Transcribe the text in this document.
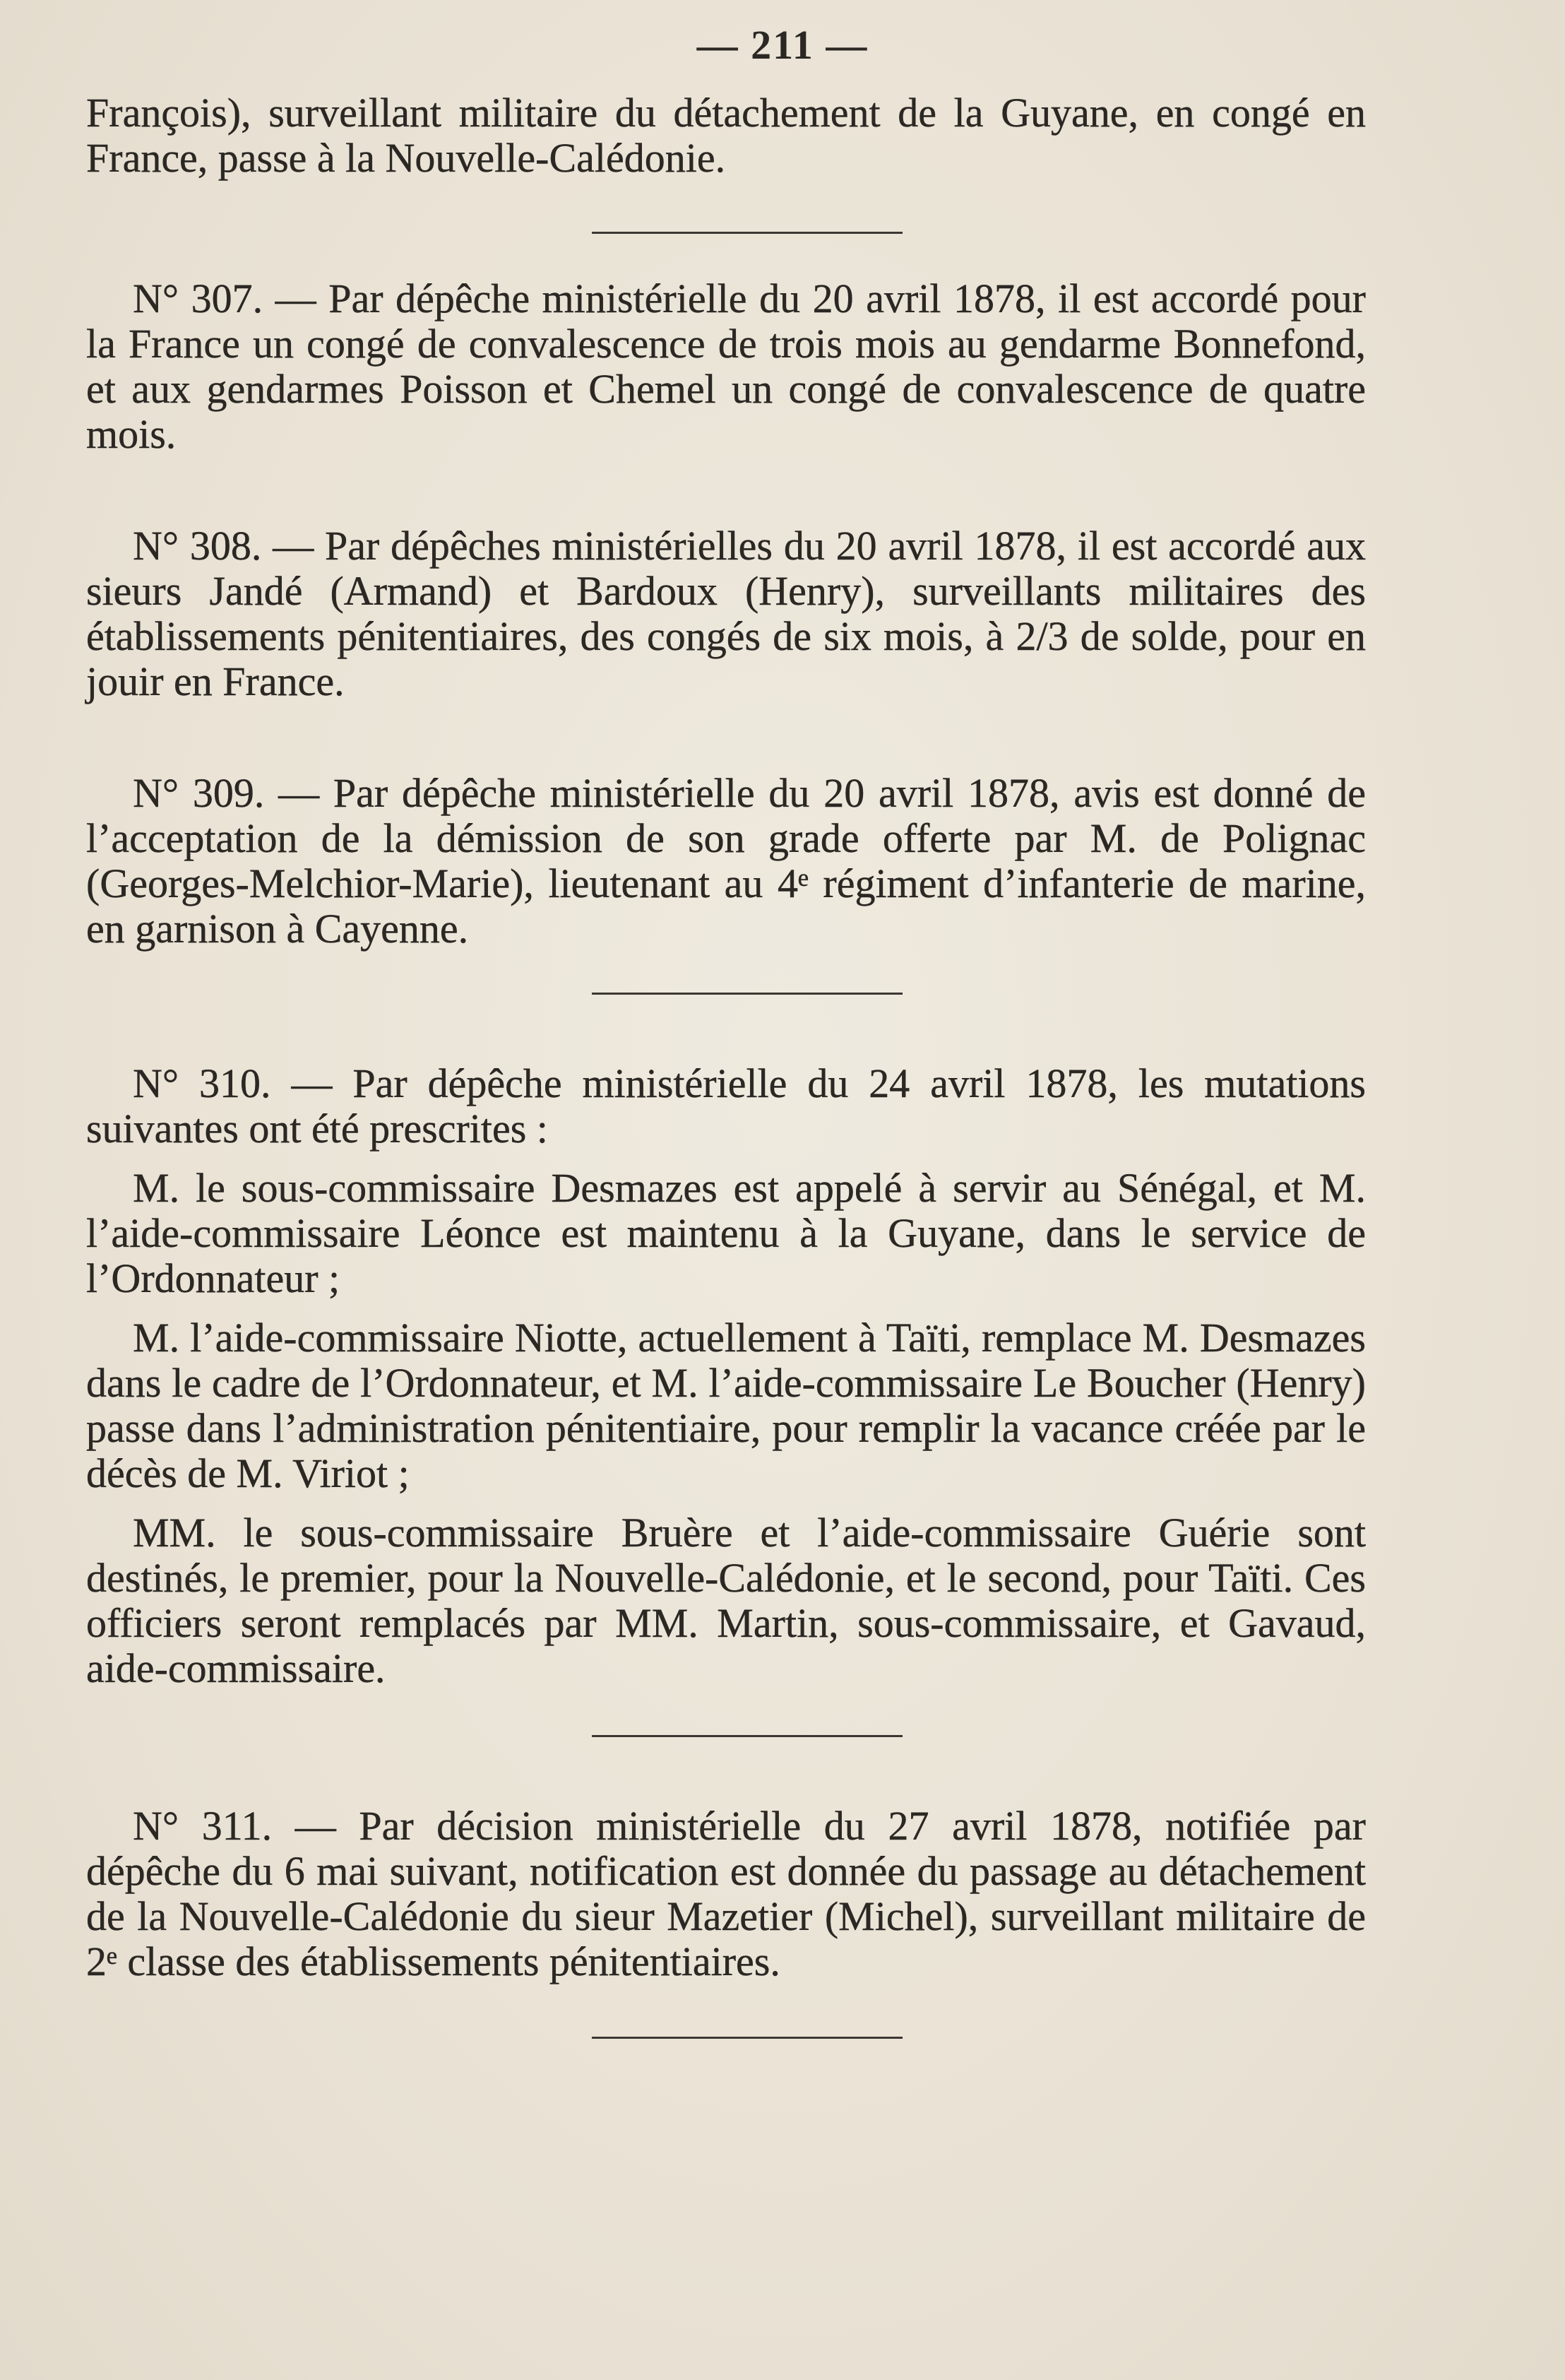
— 211 —

François), surveillant militaire du détachement de la Guyane, en congé en France, passe à la Nouvelle-Calédonie.

N° 307. — Par dépêche ministérielle du 20 avril 1878, il est accordé pour la France un congé de convalescence de trois mois au gendarme Bonnefond, et aux gendarmes Poisson et Chemel un congé de convalescence de quatre mois.

N° 308. — Par dépêches ministérielles du 20 avril 1878, il est accordé aux sieurs Jandé (Armand) et Bardoux (Henry), surveillants militaires des établissements pénitentiaires, des congés de six mois, à 2/3 de solde, pour en jouir en France.

N° 309. — Par dépêche ministérielle du 20 avril 1878, avis est donné de l’acceptation de la démission de son grade offerte par M. de Polignac (Georges-Melchior-Marie), lieutenant au 4ᵉ régiment d’infanterie de marine, en garnison à Cayenne.

N° 310. — Par dépêche ministérielle du 24 avril 1878, les mutations suivantes ont été prescrites :

M. le sous-commissaire Desmazes est appelé à servir au Sénégal, et M. l’aide-commissaire Léonce est maintenu à la Guyane, dans le service de l’Ordonnateur ;

M. l’aide-commissaire Niotte, actuellement à Taïti, remplace M. Desmazes dans le cadre de l’Ordonnateur, et M. l’aide-commissaire Le Boucher (Henry) passe dans l’administration pénitentiaire, pour remplir la vacance créée par le décès de M. Viriot ;

MM. le sous-commissaire Bruère et l’aide-commissaire Guérie sont destinés, le premier, pour la Nouvelle-Calédonie, et le second, pour Taïti. Ces officiers seront remplacés par MM. Martin, sous-commissaire, et Gavaud, aide-commissaire.

N° 311. — Par décision ministérielle du 27 avril 1878, notifiée par dépêche du 6 mai suivant, notification est donnée du passage au détachement de la Nouvelle-Calédonie du sieur Mazetier (Michel), surveillant militaire de 2ᵉ classe des établissements pénitentiaires.
